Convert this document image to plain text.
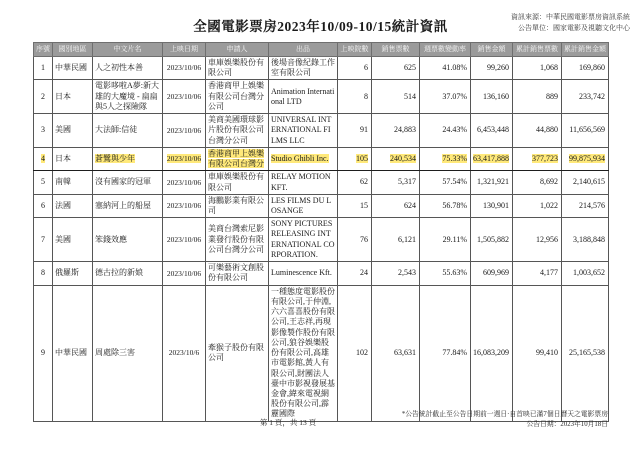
全國電影票房2023年10/09-10/15統計資訊
資訊來源：中華民國電影票房資訊系統
公告單位：國家電影及視聽文化中心
序號	國別地區	中文片名	上映日期	申請人	出品	上映院數	銷售票數	週票數變動率	銷售金額	累計銷售票數	累計銷售金額
1	中華民國	人之初性本善	2023/10/06	車庫娛樂股份有限公司	後場音像紀錄工作室有限公司	6	625	41.08%	99,260	1,068	169,860
2	日本	電影哆啦A夢:新大雄的大魔境 - 扁扁與5人之探險隊	2023/10/06	香港商甲上娛樂有限公司台灣分公司	Animation International LTD	8	514	37.07%	136,160	889	233,742
3	美國	大法師:信徒	2023/10/06	美商美國環球影片股份有限公司台灣分公司	UNIVERSAL INTERNATIONAL FILMS LLC	91	24,883	24.43%	6,453,448	44,880	11,656,569
4	日本	蒼鷺與少年	2023/10/06	香港商甲上娛樂有限公司台灣分	Studio Ghibli Inc.	105	240,534	75.33%	63,417,888	377,723	99,875,934
5	南韓	沒有國家的冠軍	2023/10/06	車庫娛樂股份有限公司	RELAY MOTION KFT.	62	5,317	57.54%	1,321,921	8,692	2,140,615
6	法國	塞納河上的船屋	2023/10/06	海鵬影業有限公司	LES FILMS DU LOSANGE	15	624	56.78%	130,901	1,022	214,576
7	美國	笨錢效應	2023/10/06	美商台灣索尼影業發行股份有限公司台灣分公司	SONY PICTURES RELEASING INTERNATIONAL CORPORATION.	76	6,121	29.11%	1,505,882	12,956	3,188,848
8	俄羅斯	德古拉的新娘	2023/10/06	可樂藝術文創股份有限公司	Luminescence Kft.	24	2,543	55.63%	609,969	4,177	1,003,652
9	中華民國	周處除三害	2023/10/6	牽猴子股份有限公司	一種態度電影股份有限公司,于仲淵,六六喜喜股份有限公司,王志祥,再現影像製作股份有限公司,狼谷娛樂股份有限公司,高雄市電影館,黃人有限公司,財團法人臺中市影視發展基金會,緯來電視網股份有限公司,霹靂國際	102	63,631	77.84%	16,083,209	99,410	25,165,538
第 1 頁，共 13 頁
*公告統計截止至公告日期前一週日·自首映已滿7個日曆天之電影票房
公告日期：2023年10月18日
